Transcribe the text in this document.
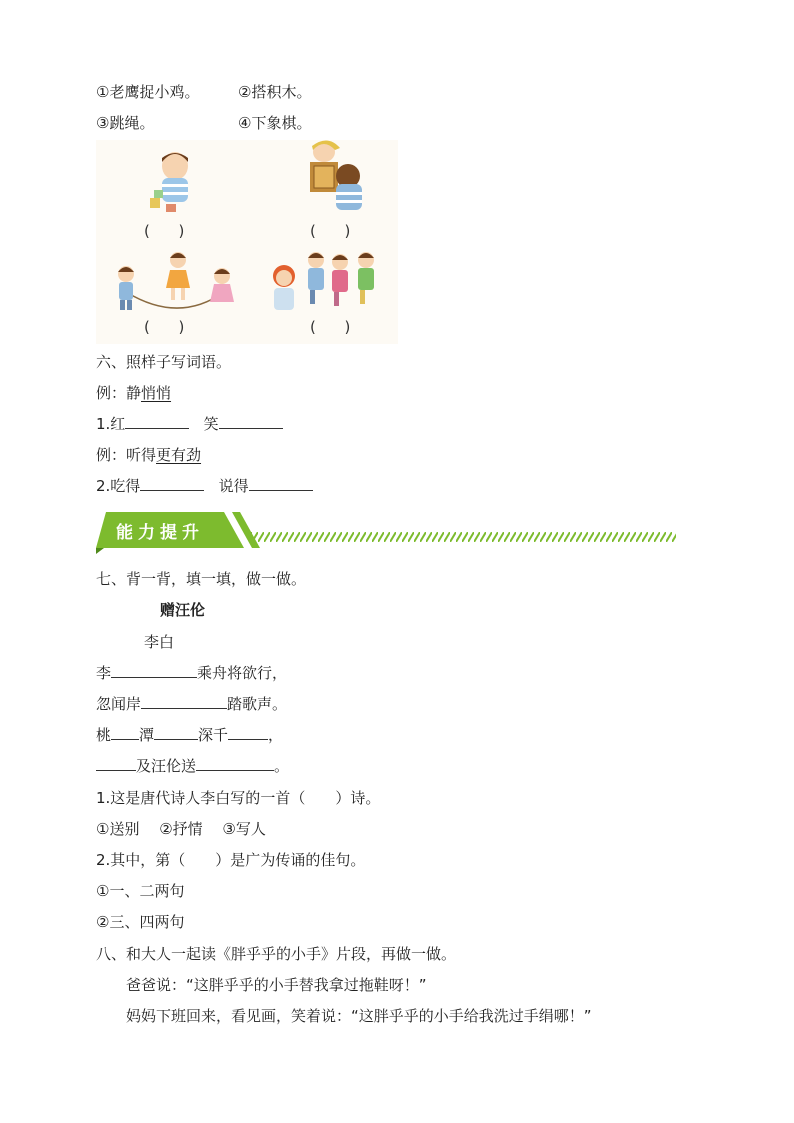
①老鹰捉小鸡。	②搭积木。
③跳绳。	④下象棋。
(      )	(      )
(      )	(      )
六、照样子写词语。
例：静悄悄
1.红	笑
例：听得更有劲
2.吃得	说得
能力提升
七、背一背，填一填，做一做。
赠汪伦
李白
李	乘舟将欲行，
忽闻岸	踏歌声。
桃 潭	深千	，
及汪伦送	。
1.这是唐代诗人李白写的一首（　　）诗。
①送别　 ②抒情　 ③写人
2.其中，第（　　）是广为传诵的佳句。
①一、二两句
②三、四两句
八、和大人一起读《胖乎乎的小手》片段，再做一做。
爸爸说：“这胖乎乎的小手替我拿过拖鞋呀！”
妈妈下班回来，看见画，笑着说：“这胖乎乎的小手给我洗过手绢哪！”
